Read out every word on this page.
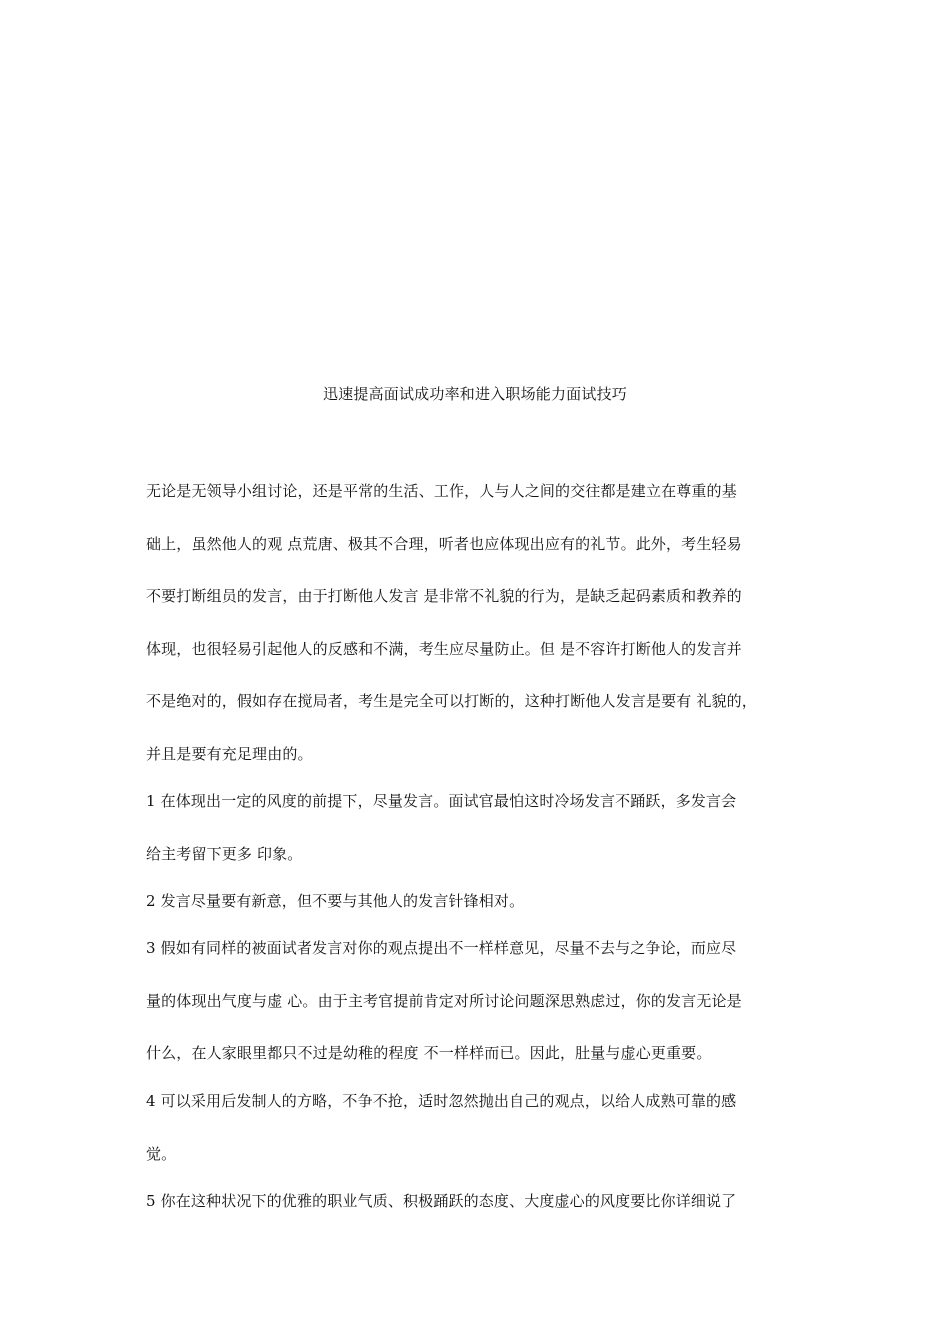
迅速提高面试成功率和进入职场能力面试技巧
无论是无领导小组讨论，还是平常的生活、工作，人与人之间的交往都是建立在尊重的基
础上，虽然他人的观 点荒唐、极其不合理，听者也应体现出应有的礼节。此外，考生轻易
不要打断组员的发言，由于打断他人发言 是非常不礼貌的行为，是缺乏起码素质和教养的
体现，也很轻易引起他人的反感和不满，考生应尽量防止。但 是不容许打断他人的发言并
不是绝对的，假如存在搅局者，考生是完全可以打断的，这种打断他人发言是要有 礼貌的，
并且是要有充足理由的。
1 在体现出一定的风度的前提下，尽量发言。面试官最怕这时冷场发言不踊跃，多发言会
给主考留下更多 印象。
2 发言尽量要有新意，但不要与其他人的发言针锋相对。
3 假如有同样的被面试者发言对你的观点提出不一样样意见，尽量不去与之争论，而应尽
量的体现出气度与虚 心。由于主考官提前肯定对所讨论问题深思熟虑过，你的发言无论是
什么，在人家眼里都只不过是幼稚的程度 不一样样而已。因此，肚量与虚心更重要。
4 可以采用后发制人的方略，不争不抢，适时忽然抛出自己的观点，以给人成熟可靠的感
觉。
5 你在这种状况下的优雅的职业气质、积极踊跃的态度、大度虚心的风度要比你详细说了
